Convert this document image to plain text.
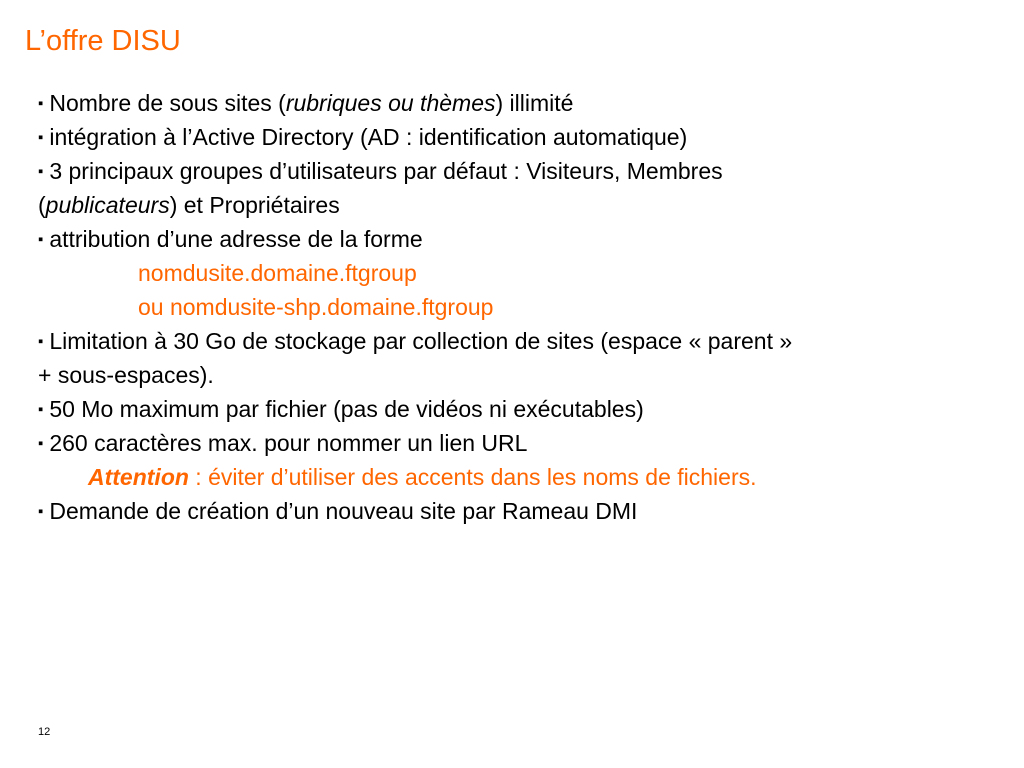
L’offre DISU
▪ Nombre de sous sites (rubriques ou thèmes) illimité
▪ intégration à l’Active Directory (AD : identification automatique)
▪ 3 principaux groupes d’utilisateurs par défaut : Visiteurs, Membres
(publicateurs) et Propriétaires
▪ attribution d’une adresse de la forme
nomdusite.domaine.ftgroup
ou nomdusite-shp.domaine.ftgroup
▪ Limitation à 30 Go de stockage par collection de sites (espace « parent »
+ sous-espaces).
▪ 50 Mo maximum par fichier (pas de vidéos ni exécutables)
▪ 260 caractères max. pour nommer un lien URL
Attention : éviter d’utiliser des accents dans les noms de fichiers.
▪ Demande de création d’un nouveau site par Rameau DMI
12
